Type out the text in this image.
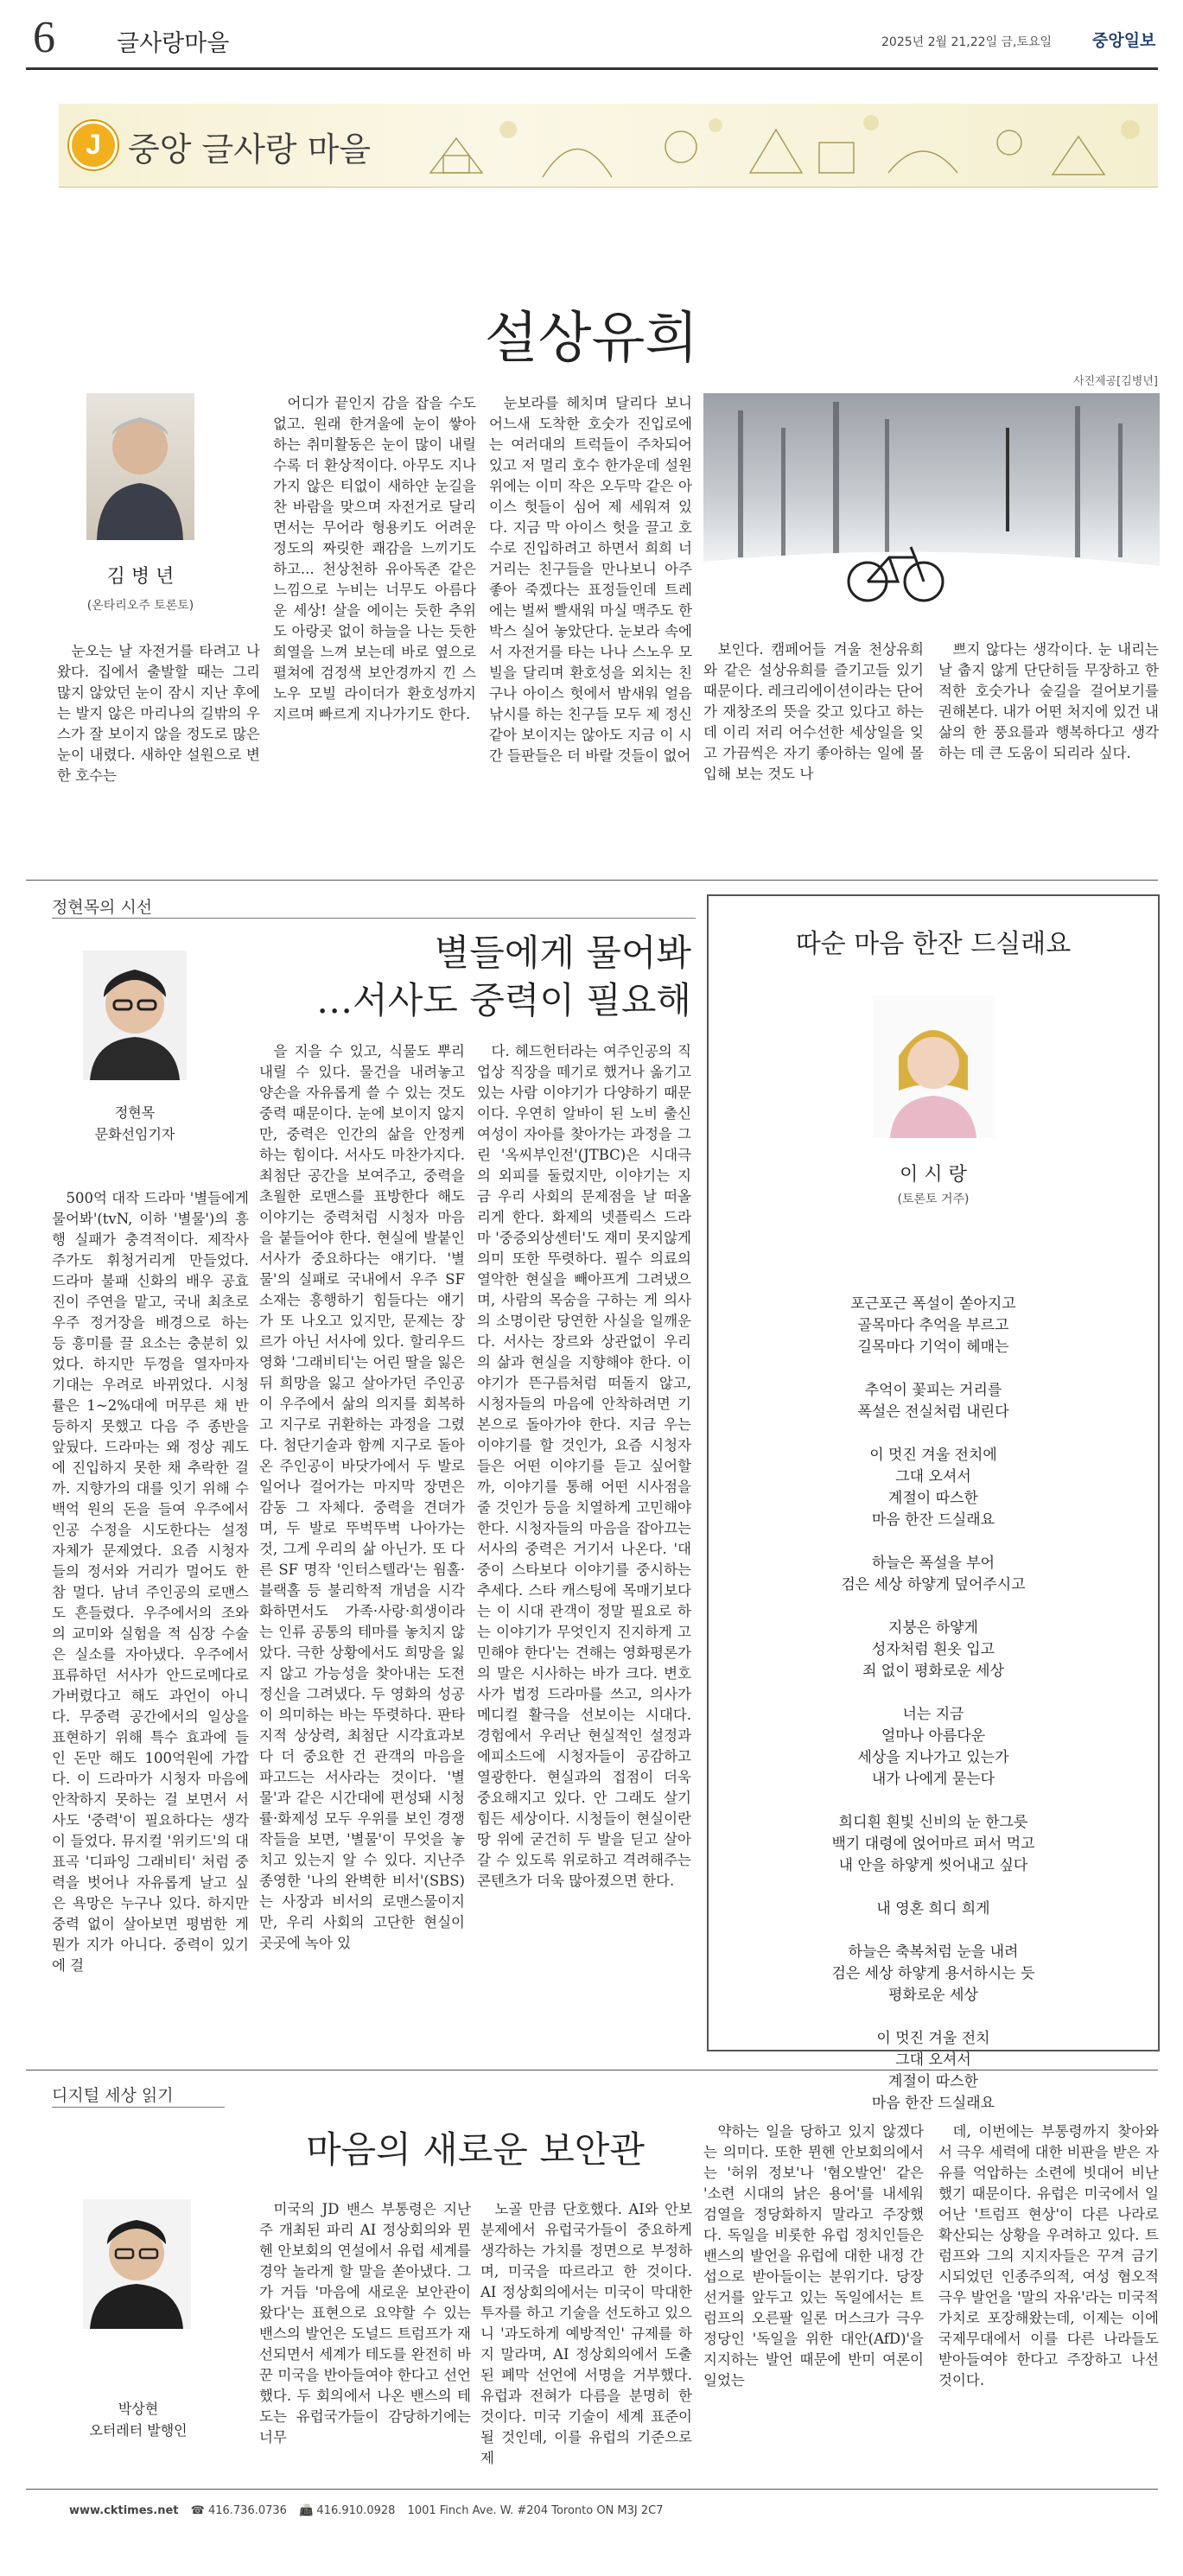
6	글사랑마을	2025년 2월 21,22일 금,토요일 중앙일보
J 중앙 글사랑 마을
설상유희
김 병 년
(온타리오주 토론토)

눈오는 날 자전거를 타려고 나왔다. 집에서 출발할 때는 그리 많지 않았던 눈이 잠시 지난 후에는 발지 않은 마리나의 길밖의 우스가 잘 보이지 않을 정도로 많은 눈이 내렸다. 새하얀 설원으로 변한 호수는

어디가 끝인지 감을 잡을 수도 없고. 원래 한겨울에 눈이 쌓아 하는 취미활동은 눈이 많이 내릴수록 더 환상적이다. 아무도 지나가지 않은 티없이 새하얀 눈길을 찬 바람을 맞으며 자전거로 달리면서는 무어라 형용키도 어려운 정도의 짜릿한 쾌감을 느끼기도 하고... 천상천하 유아독존 같은 느낌으로 누비는 너무도 아름다운 세상! 살을 에이는 듯한 추위도 아랑곳 없이 하늘을 나는 듯한 희열을 느껴 보는데 바로 옆으로 펼쳐에 검정색 보안경까지 낀 스노우 모빌 라이더가 환호성까지 지르며 빠르게 지나가기도 한다.

눈보라를 헤치며 달리다 보니 어느새 도착한 호숫가 진입로에는 여러대의 트럭들이 주차되어 있고 저 멀리 호수 한가운데 설원 위에는 이미 작은 오두막 같은 아이스 헛들이 심어 제 세워져 있다. 지금 막 아이스 헛을 끌고 호수로 진입하려고 하면서 희희 너 거리는 친구들을 만나보니 아주 좋아 죽겠다는 표정들인데 트레에는 벌써 빨새워 마실 맥주도 한 박스 실어 놓았단다. 눈보라 속에서 자전거를 타는 나나 스노우 모빌을 달리며 환호성을 외치는 친구나 아이스 헛에서 밤새워 얼음낚시를 하는 친구들 모두 제 정신 같아 보이지는 않아도 지금 이 시간 들판들은 더 바랄 것들이 없어

사진제공[김병년]

보인다. 캠페어들 겨울 천상유희와 같은 설상유희를 즐기고들 있기 때문이다. 레크리에이션이라는 단어가 재창조의 뜻을 갖고 있다고 하는데 이리 저리 어수선한 세상일을 잊고 가끔씩은 자기 좋아하는 일에 몰입해 보는 것도 나

쁘지 않다는 생각이다. 눈 내리는 날 춥지 않게 단단히들 무장하고 한적한 호숫가나 숲길을 걸어보기를 권해본다. 내가 어떤 처지에 있건 내 삶의 한 풍요를과 행복하다고 생각하는 데 큰 도움이 되리라 싶다.

정현목의 시선
별들에게 물어봐
…서사도 중력이 필요해
정현목
문화선임기자

500억 대작 드라마 '별들에게 물어봐'(tvN, 이하 '별물')의 흥행 실패가 충격적이다. 제작사 주가도 휘청거리게 만들었다. 드라마 불패 신화의 배우 공효진이 주연을 맡고, 국내 최초로 우주 정거장을 배경으로 하는 등 흥미를 끌 요소는 충분히 있었다. 하지만 두껑을 열자마자 기대는 우려로 바뀌었다. 시청률은 1~2%대에 머무른 채 반등하지 못했고 다음 주 종반을 앞뒀다. 드라마는 왜 정상 궤도에 진입하지 못한 채 추락한 걸까. 지향가의 대를 잇기 위해 수백억 원의 돈을 들여 우주에서 인공 수정을 시도한다는 설정 자체가 문제였다. 요즘 시청자들의 정서와 거리가 멀어도 한참 멀다. 남녀 주인공의 로맨스도 흔들렸다. 우주에서의 조와의 교미와 실험을 적 심장 수술은 실소를 자아냈다. 우주에서 표류하던 서사가 안드로메다로 가버렸다고 해도 과언이 아니다. 무중력 공간에서의 일상을 표현하기 위해 특수 효과에 들인 돈만 해도 100억원에 가깝다. 이 드라마가 시청자 마음에 안착하지 못하는 걸 보면서 서사도 '중력'이 필요하다는 생각이 들었다. 뮤지컬 '위키드'의 대표곡 '디파잉 그래비티' 처럼 중력을 벗어나 자유롭게 날고 싶은 욕망은 누구나 있다. 하지만 중력 없이 살아보면 평범한 게 뭔가 지가 아니다. 중력이 있기에 걸

을 지을 수 있고, 식물도 뿌리 내릴 수 있다. 물건을 내려놓고 양손을 자유롭게 쓸 수 있는 것도 중력 때문이다. 눈에 보이지 않지만, 중력은 인간의 삶을 안정케 하는 힘이다. 서사도 마찬가지다. 최첨단 공간을 보여주고, 중력을 초월한 로맨스를 표방한다 해도 이야기는 중력처럼 시청자 마음을 붙들어야 한다. 현실에 발붙인 서사가 중요하다는 얘기다. '별물'의 실패로 국내에서 우주 SF 소재는 흥행하기 힘들다는 얘기가 또 나오고 있지만, 문제는 장르가 아닌 서사에 있다. 할리우드 영화 '그래비티'는 어린 딸을 잃은 뒤 희망을 잃고 살아가던 주인공이 우주에서 삶의 의지를 회복하고 지구로 귀환하는 과정을 그렸다. 첨단기술과 함께 지구로 돌아온 주인공이 바닷가에서 두 발로 일어나 걸어가는 마지막 장면은 감동 그 자체다. 중력을 견뎌가며, 두 발로 뚜벅뚜벅 나아가는 것, 그게 우리의 삶 아닌가. 또 다른 SF 명작 '인터스텔라'는 웜홀·블랙홀 등 불리학적 개념을 시각화하면서도 가족·사랑·희생이라는 인류 공통의 테마를 놓치지 않았다. 극한 상황에서도 희망을 잃지 않고 가능성을 찾아내는 도전 정신을 그려냈다. 두 영화의 성공이 의미하는 바는 뚜렷하다. 판타지적 상상력, 최첨단 시각효과보다 더 중요한 건 관객의 마음을 파고드는 서사라는 것이다. '별물'과 같은 시간대에 편성돼 시청률·화제성 모두 우위를 보인 경쟁작들을 보면, '별물'이 무엇을 놓치고 있는지 알 수 있다. 지난주 종영한 '나의 완벽한 비서'(SBS)는 사장과 비서의 로맨스물이지만, 우리 사회의 고단한 현실이 곳곳에 녹아 있

다. 헤드헌터라는 여주인공의 직업상 직장을 떼기로 했거나 옮기고 있는 사람 이야기가 다양하기 때문이다. 우연히 알바이 된 노비 출신 여성이 자아를 찾아가는 과정을 그린 '옥씨부인전'(JTBC)은 시대극의 외피를 둘렀지만, 이야기는 지금 우리 사회의 문제점을 날 떠올리게 한다. 화제의 넷플릭스 드라마 '중증외상센터'도 재미 못지않게 의미 또한 뚜렷하다. 필수 의료의 열악한 현실을 빼아프게 그려냈으며, 사람의 목숨을 구하는 게 의사의 소명이란 당연한 사실을 일깨운다. 서사는 장르와 상관없이 우리의 삶과 현실을 지향해야 한다. 이야기가 뜬구름처럼 떠돌지 않고, 시청자들의 마음에 안착하려면 기본으로 돌아가야 한다. 지금 우는 이야기를 할 것인가, 요즘 시청자들은 어떤 이야기를 듣고 싶어할까, 이야기를 통해 어떤 시사점을 줄 것인가 등을 치열하게 고민해야 한다. 시청자들의 마음을 잡아끄는 서사의 중력은 거기서 나온다. '대중이 스타보다 이야기를 중시하는 추세다. 스타 캐스팅에 목매기보다는 이 시대 관객이 정말 필요로 하는 이야기가 무엇인지 진지하게 고민해야 한다'는 견해는 영화평론가의 말은 시사하는 바가 크다. 변호사가 법정 드라마를 쓰고, 의사가 메디컬 활극을 선보이는 시대다. 경험에서 우러난 현실적인 설정과 에피소드에 시청자들이 공감하고 열광한다. 현실과의 접점이 더욱 중요해지고 있다. 안 그래도 살기 힘든 세상이다. 시청들이 현실이란 땅 위에 굳건히 두 발을 딛고 살아갈 수 있도록 위로하고 격려해주는 콘텐츠가 더욱 많아졌으면 한다.

따순 마음 한잔 드실래요
이 시 랑
(토론토 거주)
포근포근 폭설이 쏟아지고
골목마다 추억을 부르고
길목마다 기억이 헤매는
추억이 꽃피는 거리를
폭설은 전실처럼 내린다
이 멋진 겨울 전치에
그대 오셔서
계절이 따스한
마음 한잔 드실래요
하늘은 폭설을 부어
검은 세상 하얗게 덮어주시고
지붕은 하얗게
성자처럼 흰옷 입고
죄 없이 평화로운 세상
너는 지금
얼마나 아름다운
세상을 지나가고 있는가
내가 나에게 묻는다
희디흰 흰빛 신비의 눈 한그릇
백기 대령에 얹어마르 퍼서 먹고
내 안을 하얗게 씻어내고 싶다
내 영혼 희디 희게
하늘은 축복처럼 눈을 내려
검은 세상 하얗게 용서하시는 듯
평화로운 세상
이 멋진 겨울 전치
그대 오셔서
계절이 따스한
마음 한잔 드실래요
디지털 세상 읽기
마음의 새로운 보안관
박상현
오터레터 발행인

미국의 JD 밴스 부통령은 지난주 개최된 파리 AI 정상회의와 뮌헨 안보회의 연설에서 유럽 세계를 경악 놀라게 할 말을 쏟아냈다. 그가 거듭 '마음에 새로운 보안관이 왔다'는 표현으로 요약할 수 있는 밴스의 발언은 도널드 트럼프가 재선되면서 세계가 테도를 완전히 바꾼 미국을 반아들여야 한다고 선언했다. 두 회의에서 나온 밴스의 테도는 유럽국가들이 감당하기에는 너무

노골 만큼 단호했다. AI와 안보 분제에서 유럽국가들이 중요하게 생각하는 가치를 정면으로 부정하며, 미국을 따르라고 한 것이다. AI 정상회의에서는 미국이 막대한 투자를 하고 기술을 선도하고 있으니 '과도하게 예방적인' 규제를 하지 말라며, AI 정상회의에서 도출된 폐막 선언에 서명을 거부했다. 유럽과 전혀가 다름을 분명히 한 것이다. 미국 기술이 세계 표준이 될 것인데, 이를 유럽의 기준으로 제

약하는 일을 당하고 있지 않겠다는 의미다. 또한 뮌헨 안보회의에서는 '허위 정보'나 '혐오발언' 같은 '소련 시대의 낡은 용어'를 내세워 검열을 정당화하지 말라고 주장했다. 독일을 비롯한 유럽 정치인들은 밴스의 발언을 유럽에 대한 내정 간섭으로 받아들이는 분위기다. 당장 선거를 앞두고 있는 독일에서는 트럼프의 오른팔 일론 머스크가 극우 정당인 '독일을 위한 대안(AfD)'을 지지하는 발언 때문에 반미 여론이 일었는

데, 이번에는 부통령까지 찾아와서 극우 세력에 대한 비판을 받은 자유를 억압하는 소련에 빗대어 비난했기 때문이다. 유럽은 미국에서 일어난 '트럼프 현상'이 다른 나라로 확산되는 상황을 우려하고 있다. 트럼프와 그의 지지자들은 꾸겨 금기시되었던 인종주의적, 여성 혐오적 극우 발언을 '말의 자유'라는 미국적 가치로 포장해왔는데, 이제는 이에 국제무대에서 이를 다른 나라들도 받아들여야 한다고 주장하고 나선 것이다.

www.cktimes.net ☎ 416.736.0736 📠 416.910.0928 1001 Finch Ave. W. #204 Toronto ON M3J 2C7
